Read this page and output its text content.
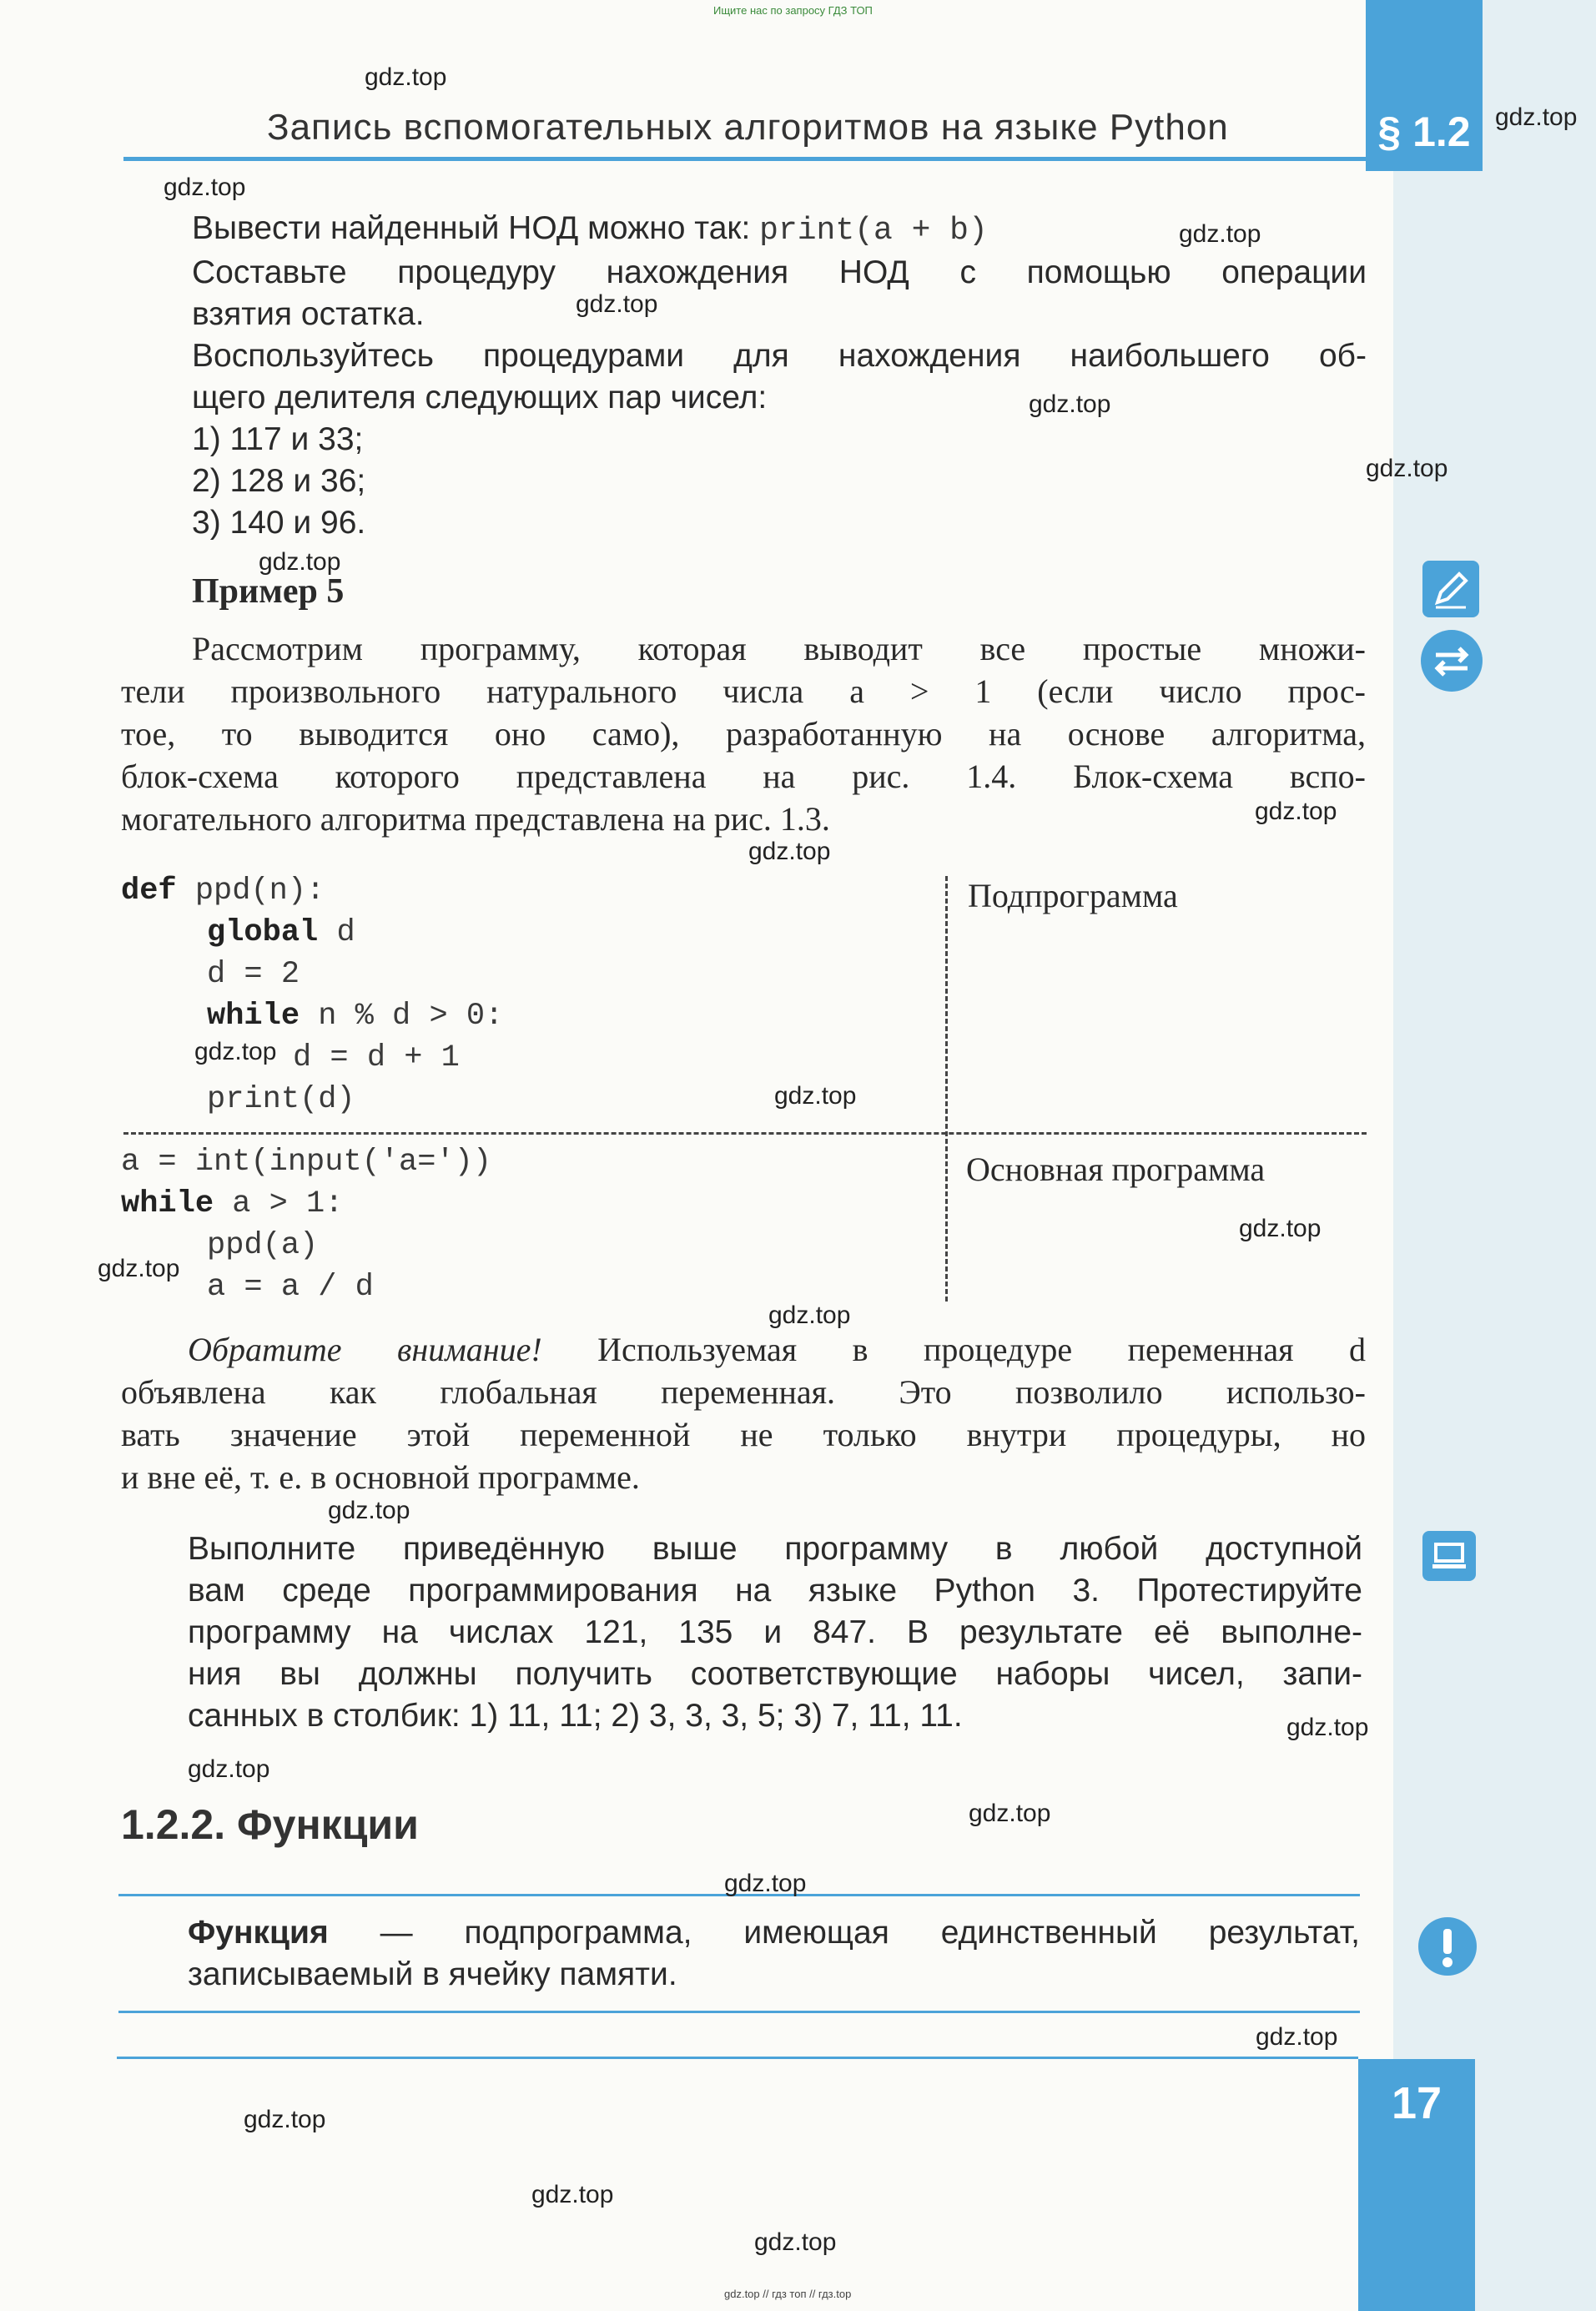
§ 1.2
Ищите нас по запросу ГДЗ ТОП
Запись вспомогательных алгоритмов на языке Python
Вывести найденный НОД можно так: print(a + b)
Составьте процедуру нахождения НОД с помощью операции
взятия остатка.
Воспользуйтесь процедурами для нахождения наибольшего об-
щего делителя следующих пар чисел:
1) 117 и 33;
2) 128 и 36;
3) 140 и 96.
Пример 5
Рассмотрим программу, которая выводит все простые множи-
тели произвольного натурального числа а > 1 (если число прос-
тое, то выводится оно само), разработанную на основе алгоритма,
блок-схема которого представлена на рис. 1.4. Блок-схема вспо-
могательного алгоритма представлена на рис. 1.3.
def ppd(n):
global d
d = 2
while n % d > 0:
d = d + 1
print(d)
Подпрограмма
a = int(input('a='))
while a > 1:
ppd(a)
a = a / d
Основная программа
Обратите внимание! Используемая в процедуре переменная d
объявлена как глобальная переменная. Это позволило использо-
вать значение этой переменной не только внутри процедуры, но
и вне её, т. е. в основной программе.
Выполните приведённую выше программу в любой доступной
вам среде программирования на языке Python 3. Протестируйте
программу на числах 121, 135 и 847. В результате её выполне-
ния вы должны получить соответствующие наборы чисел, запи-
санных в столбик: 1) 11, 11; 2) 3, 3, 3, 5; 3) 7, 11, 11.
1.2.2. Функции
Функция — подпрограмма, имеющая единственный результат,
записываемый в ячейку памяти.
17
gdz.top
gdz.top
gdz.top
gdz.top
gdz.top
gdz.top
gdz.top
gdz.top
gdz.top
gdz.top
gdz.top
gdz.top
gdz.top
gdz.top
gdz.top
gdz.top
gdz.top
gdz.top
gdz.top
gdz.top
gdz.top
gdz.top
gdz.top
gdz.top
gdz.top // гдз топ // гдз.top
